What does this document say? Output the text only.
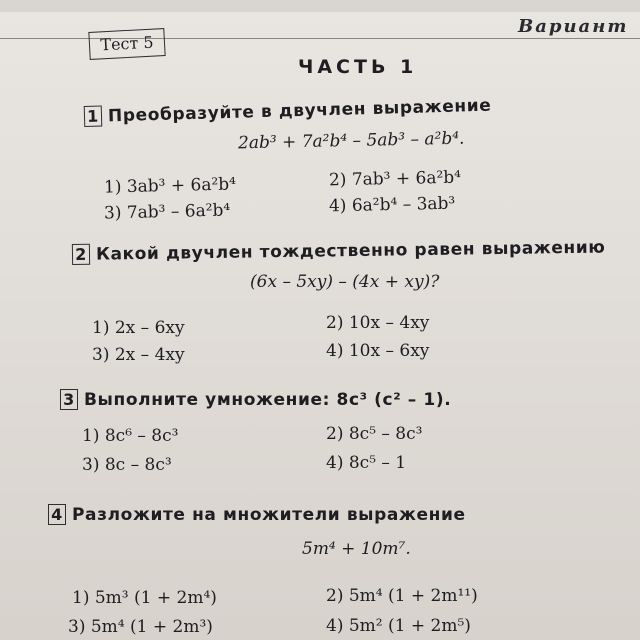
Тест 5
Вариант
ЧАСТЬ 1
1 Преобразуйте в двучлен выражение
2ab³ + 7a²b⁴ – 5ab³ – a²b⁴.
1) 3ab³ + 6a²b⁴	2) 7ab³ + 6a²b⁴
3) 7ab³ – 6a²b⁴	4) 6a²b⁴ – 3ab³
2 Какой двучлен тождественно равен выражению
(6x – 5xy) – (4x + xy)?
1) 2x – 6xy	2) 10x – 4xy
3) 2x – 4xy	4) 10x – 6xy
3 Выполните умножение: 8c³ (c² – 1).
1) 8c⁶ – 8c³	2) 8c⁵ – 8c³
3) 8c – 8c³	4) 8c⁵ – 1
4 Разложите на множители выражение
5m⁴ + 10m⁷.
1) 5m³ (1 + 2m⁴)	2) 5m⁴ (1 + 2m¹¹)
3) 5m⁴ (1 + 2m³)	4) 5m² (1 + 2m⁵)
